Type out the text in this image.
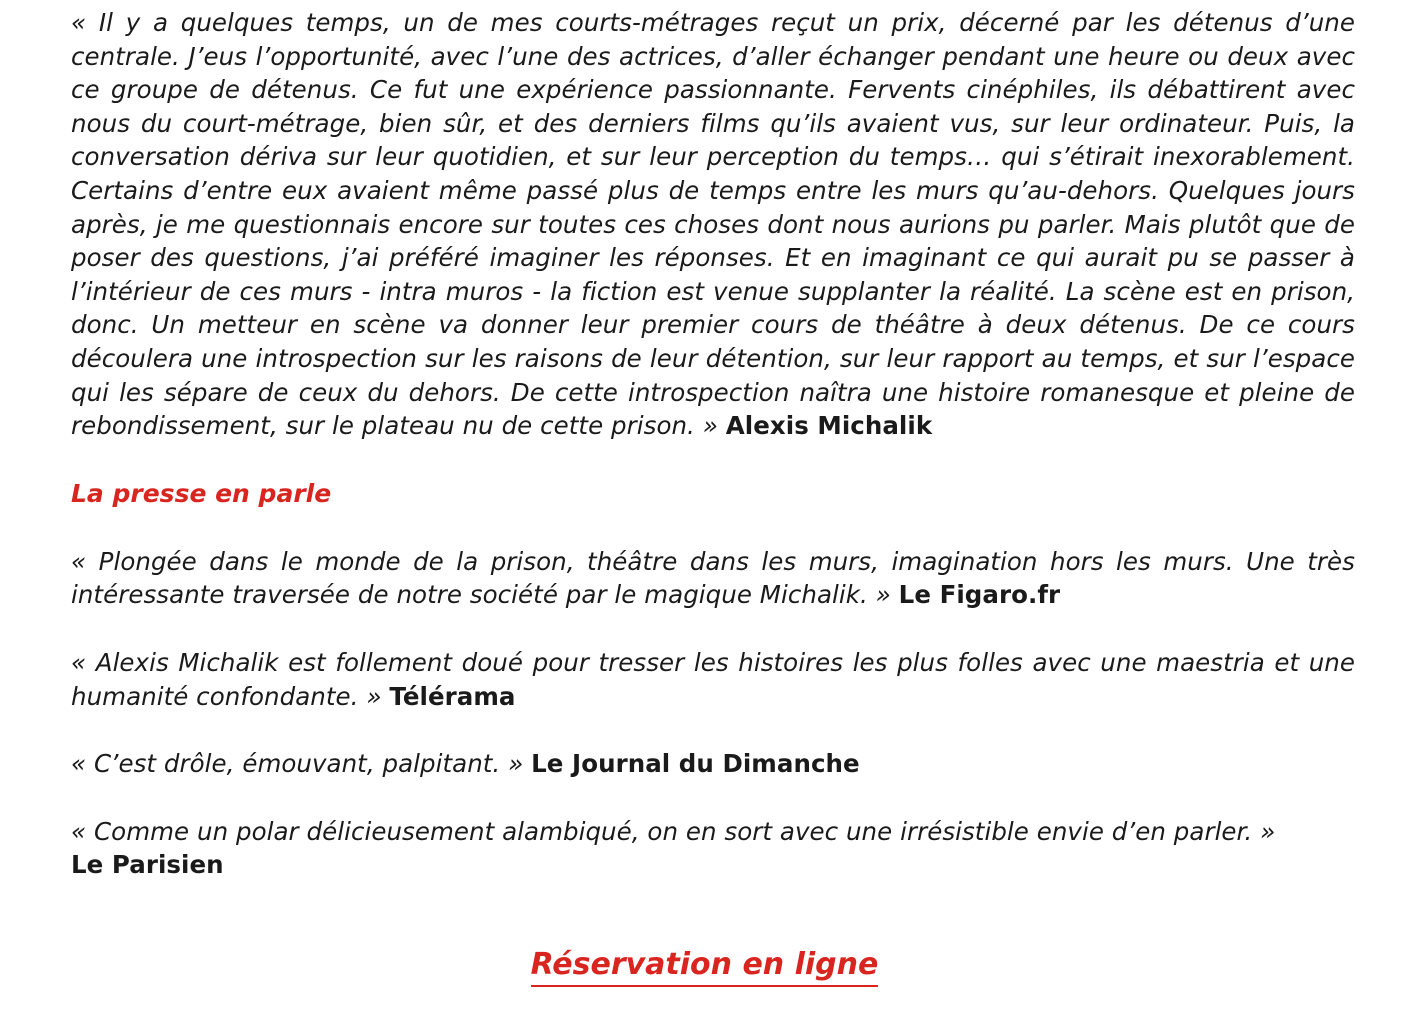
« Il y a quelques temps, un de mes courts-métrages reçut un prix, décerné par les détenus d’une centrale. J’eus l’opportunité, avec l’une des actrices, d’aller échanger pendant une heure ou deux avec ce groupe de détenus. Ce fut une expérience passionnante. Fervents cinéphiles, ils débattirent avec nous du court-métrage, bien sûr, et des derniers films qu’ils avaient vus, sur leur ordinateur. Puis, la conversation dériva sur leur quotidien, et sur leur perception du temps… qui s’étirait inexorablement. Certains d’entre eux avaient même passé plus de temps entre les murs qu’au-dehors. Quelques jours après, je me questionnais encore sur toutes ces choses dont nous aurions pu parler. Mais plutôt que de poser des questions, j’ai préféré imaginer les réponses. Et en imaginant ce qui aurait pu se passer à l’intérieur de ces murs - intra muros - la fiction est venue supplanter la réalité. La scène est en prison, donc. Un metteur en scène va donner leur premier cours de théâtre à deux détenus. De ce cours découlera une introspection sur les raisons de leur détention, sur leur rapport au temps, et sur l’espace qui les sépare de ceux du dehors. De cette introspection naîtra une histoire romanesque et pleine de rebondissement, sur le plateau nu de cette prison. » Alexis Michalik

La presse en parle

« Plongée dans le monde de la prison, théâtre dans les murs, imagination hors les murs. Une très intéressante traversée de notre société par le magique Michalik. » Le Figaro.fr

« Alexis Michalik est follement doué pour tresser les histoires les plus folles avec une maestria et une humanité confondante. » Télérama

« C’est drôle, émouvant, palpitant. » Le Journal du Dimanche

« Comme un polar délicieusement alambiqué, on en sort avec une irrésistible envie d’en parler. »
Le Parisien

Réservation en ligne
